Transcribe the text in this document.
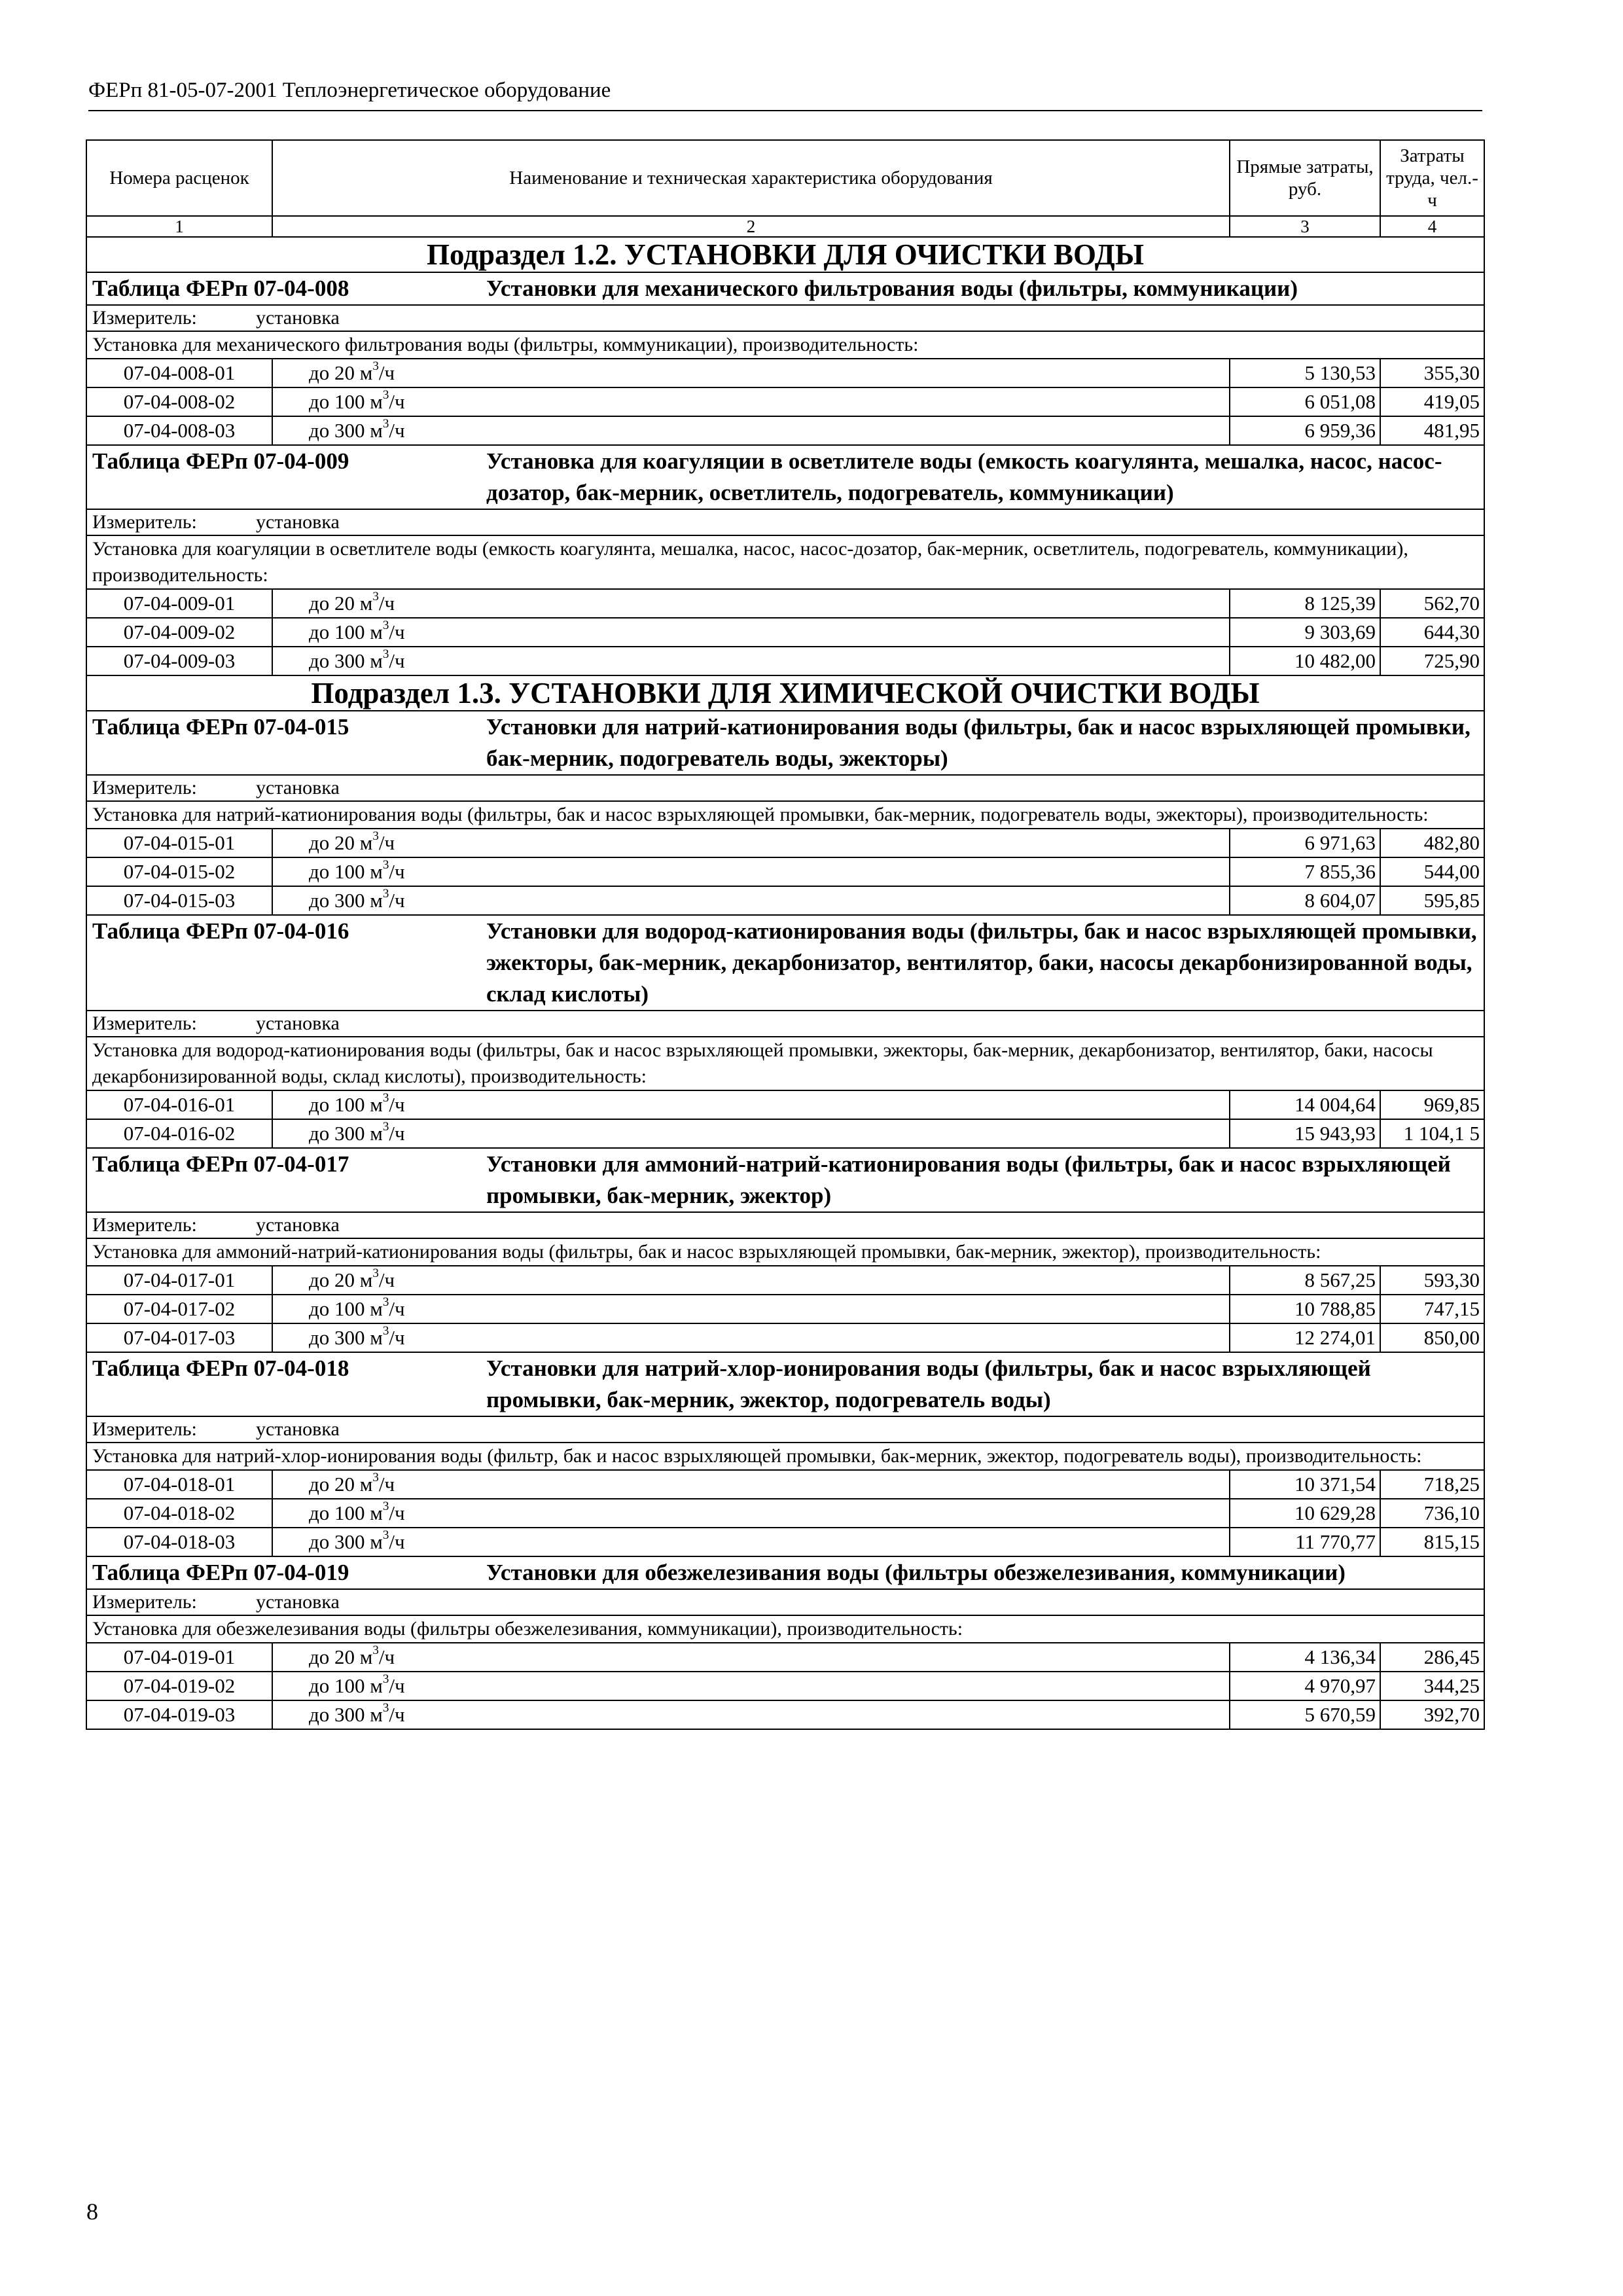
ФЕРп 81-05-07-2001 Теплоэнергетическое оборудование
Номера расценок	Наименование и техническая характеристика оборудования	Прямые затраты, руб.	Затраты труда, чел.-ч
1	2	3	4
Подраздел 1.2. УСТАНОВКИ ДЛЯ ОЧИСТКИ ВОДЫ			

Таблица ФЕРп 07-04-008 Установки для механического фильтрования воды (фильтры, коммуникации)			

Измеритель: установка			
Установка для механического фильтрования воды (фильтры, коммуникации), производительность:			
07-04-008-01	до 20 $м^3/ч$	5 130,53	355,30
07-04-008-02	до 100 $м^3/ч$	6 051,08	419,05
07-04-008-03	до 300 $м^3/ч$	6 959,36	481,95

Таблица ФЕРп 07-04-009 Установка для коагуляции в осветлителе воды (емкость коагулянта, мешалка, насос, насос-дозатор, бак-мерник, осветлитель, подогреватель, коммуникации)			

Измеритель: установка			
Установка для коагуляции в осветлителе воды (емкость коагулянта, мешалка, насос, насос-дозатор, бак-мерник, осветлитель, подогреватель, коммуникации), производительность:			
07-04-009-01	до 20 $м^3/ч$	8 125,39	562,70
07-04-009-02	до 100 $м^3/ч$	9 303,69	644,30
07-04-009-03	до 300 $м^3/ч$	10 482,00	725,90
Подраздел 1.3. УСТАНОВКИ ДЛЯ ХИМИЧЕСКОЙ ОЧИСТКИ ВОДЫ			

Таблица ФЕРп 07-04-015 Установки для натрий-катионирования воды (фильтры, бак и насос взрыхляющей промывки, бак-мерник, подогреватель воды, эжекторы)			

Измеритель: установка			
Установка для натрий-катионирования воды (фильтры, бак и насос взрыхляющей промывки, бак-мерник, подогреватель воды, эжекторы), производительность:			
07-04-015-01	до 20 $м^3/ч$	6 971,63	482,80
07-04-015-02	до 100 $м^3/ч$	7 855,36	544,00
07-04-015-03	до 300 $м^3/ч$	8 604,07	595,85

Таблица ФЕРп 07-04-016 Установки для водород-катионирования воды (фильтры, бак и насос взрыхляющей промывки, эжекторы, бак-мерник, декарбонизатор, вентилятор, баки, насосы декарбонизированной воды, склад кислоты)			

Измеритель: установка			
Установка для водород-катионирования воды (фильтры, бак и насос взрыхляющей промывки, эжекторы, бак-мерник, декарбонизатор, вентилятор, баки, насосы декарбонизированной воды, склад кислоты), производительность:			
07-04-016-01	до 100 $м^3/ч$	14 004,64	969,85
07-04-016-02	до 300 $м^3/ч$	15 943,93	1 104,1 5

Таблица ФЕРп 07-04-017 Установки для аммоний-натрий-катионирования воды (фильтры, бак и насос взрыхляющей промывки, бак-мерник, эжектор)			

Измеритель: установка			
Установка для аммоний-натрий-катионирования воды (фильтры, бак и насос взрыхляющей промывки, бак-мерник, эжектор), производительность:			
07-04-017-01	до 20 $м^3/ч$	8 567,25	593,30
07-04-017-02	до 100 $м^3/ч$	10 788,85	747,15
07-04-017-03	до 300 $м^3/ч$	12 274,01	850,00

Таблица ФЕРп 07-04-018 Установки для натрий-хлор-ионирования воды (фильтры, бак и насос взрыхляющей промывки, бак-мерник, эжектор, подогреватель воды)			

Измеритель: установка			
Установка для натрий-хлор-ионирования воды (фильтр, бак и насос взрыхляющей промывки, бак-мерник, эжектор, подогреватель воды), производительность:			
07-04-018-01	до 20 $м^3/ч$	10 371,54	718,25
07-04-018-02	до 100 $м^3/ч$	10 629,28	736,10
07-04-018-03	до 300 $м^3/ч$	11 770,77	815,15

Таблица ФЕРп 07-04-019 Установки для обезжелезивания воды (фильтры обезжелезивания, коммуникации)			

Измеритель: установка			
Установка для обезжелезивания воды (фильтры обезжелезивания, коммуникации), производительность:			
07-04-019-01	до 20 $м^3/ч$	4 136,34	286,45
07-04-019-02	до 100 $м^3/ч$	4 970,97	344,25
07-04-019-03	до 300 $м^3/ч$	5 670,59	392,70
8
